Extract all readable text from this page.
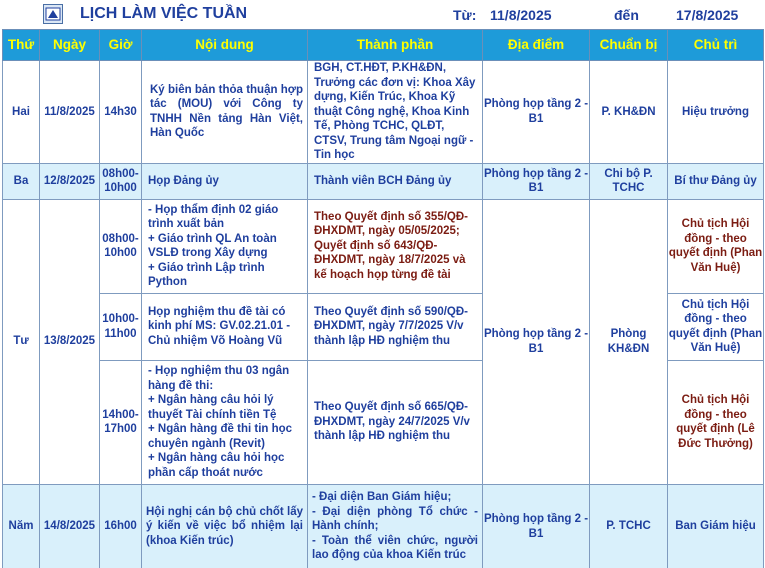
LỊCH LÀM VIỆC TUẦN	Từ: 11/8/2025	đến	17/8/2025
Thứ	Ngày	Giờ	Nội dung	Thành phần	Địa điểm	Chuẩn bị	Chủ trì
Hai	11/8/2025	14h30	Ký biên bản thỏa thuận hợp tác (MOU) với Công ty TNHH Nền tảng Hàn Việt, Hàn Quốc	BGH, CT.HĐT, P.KH&ĐN, Trưởng các đơn vị: Khoa Xây dựng, Kiến Trúc, Khoa Kỹ thuật Công nghệ, Khoa Kinh Tế, Phòng TCHC, QLĐT, CTSV, Trung tâm Ngoại ngữ - Tin học	Phòng họp tầng 2 - B1	P. KH&ĐN	Hiệu trưởng
Ba	12/8/2025	08h00-10h00	Họp Đảng ủy	Thành viên BCH Đảng ủy	Phòng họp tầng 2 - B1	Chi bộ P. TCHC	Bí thư Đảng ủy
Tư	13/8/2025	08h00-10h00	- Họp thẩm định 02 giáo trình xuất bản
+ Giáo trình QL An toàn VSLĐ trong Xây dựng
+ Giáo trình Lập trình Python	Theo Quyết định số 355/QĐ-ĐHXDMT, ngày 05/05/2025; Quyết định số 643/QĐ-ĐHXDMT, ngày 18/7/2025 và kế hoạch họp từng đề tài	Phòng họp tầng 2 - B1	Phòng KH&ĐN	Chủ tịch Hội đồng - theo quyết định (Phan Văn Huệ)
		10h00-11h00	Họp nghiệm thu đề tài có kinh phí MS: GV.02.21.01 - Chủ nhiệm Võ Hoàng Vũ	Theo Quyết định số 590/QĐ-ĐHXDMT, ngày 7/7/2025 V/v thành lập HĐ nghiệm thu			Chủ tịch Hội đồng - theo quyết định (Phan Văn Huệ)
		14h00-17h00	- Họp nghiệm thu 03 ngân hàng đề thi:
+ Ngân hàng câu hỏi lý thuyết Tài chính tiền Tệ
+ Ngân hàng đề thi tin học chuyên ngành (Revit)
+ Ngân hàng câu hỏi học phần cấp thoát nước	Theo Quyết định số 665/QĐ-ĐHXDMT, ngày 24/7/2025 V/v thành lập HĐ nghiệm thu			Chủ tịch Hội đồng - theo quyết định (Lê Đức Thưởng)
Năm	14/8/2025	16h00	Hội nghị cán bộ chủ chốt lấy ý kiến về việc bổ nhiệm lại (khoa Kiến trúc)	- Đại diện Ban Giám hiệu;
- Đại diện phòng Tổ chức - Hành chính;
- Toàn thể viên chức, người lao động của khoa Kiến trúc	Phòng họp tầng 2 - B1	P. TCHC	Ban Giám hiệu
